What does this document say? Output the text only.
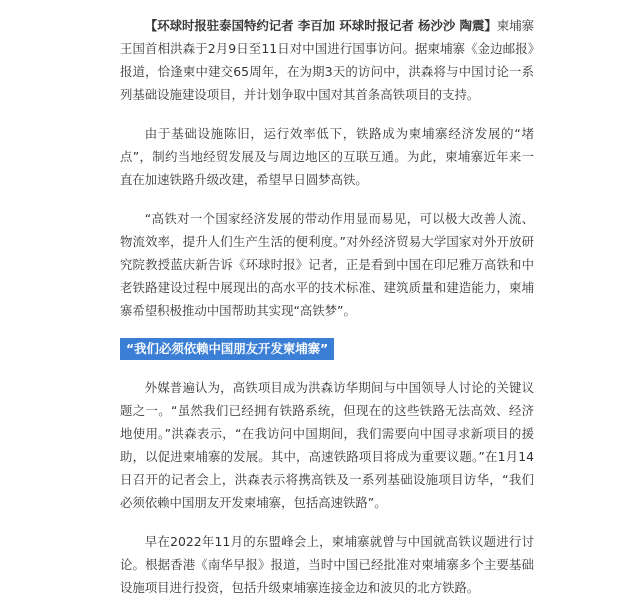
【环球时报驻泰国特约记者 李百加 环球时报记者 杨沙沙 陶震】柬埔寨王国首相洪森于2月9日至11日对中国进行国事访问。据柬埔寨《金边邮报》报道，恰逢柬中建交65周年，在为期3天的访问中，洪森将与中国讨论一系列基础设施建设项目，并计划争取中国对其首条高铁项目的支持。

由于基础设施陈旧，运行效率低下，铁路成为柬埔寨经济发展的“堵点”，制约当地经贸发展及与周边地区的互联互通。为此，柬埔寨近年来一直在加速铁路升级改建，希望早日圆梦高铁。

“高铁对一个国家经济发展的带动作用显而易见，可以极大改善人流、物流效率，提升人们生产生活的便利度。”对外经济贸易大学国家对外开放研究院教授蓝庆新告诉《环球时报》记者，正是看到中国在印尼雅万高铁和中老铁路建设过程中展现出的高水平的技术标准、建筑质量和建造能力，柬埔寨希望积极推动中国帮助其实现“高铁梦”。

“我们必须依赖中国朋友开发柬埔寨”

外媒普遍认为，高铁项目成为洪森访华期间与中国领导人讨论的关键议题之一。“虽然我们已经拥有铁路系统，但现在的这些铁路无法高效、经济地使用。”洪森表示，“在我访问中国期间，我们需要向中国寻求新项目的援助，以促进柬埔寨的发展。其中，高速铁路项目将成为重要议题。”在1月14日召开的记者会上，洪森表示将携高铁及一系列基础设施项目访华，“我们必须依赖中国朋友开发柬埔寨，包括高速铁路”。

早在2022年11月的东盟峰会上，柬埔寨就曾与中国就高铁议题进行讨论。根据香港《南华早报》报道，当时中国已经批准对柬埔寨多个主要基础设施项目进行投资，包括升级柬埔寨连接金边和波贝的北方铁路。
